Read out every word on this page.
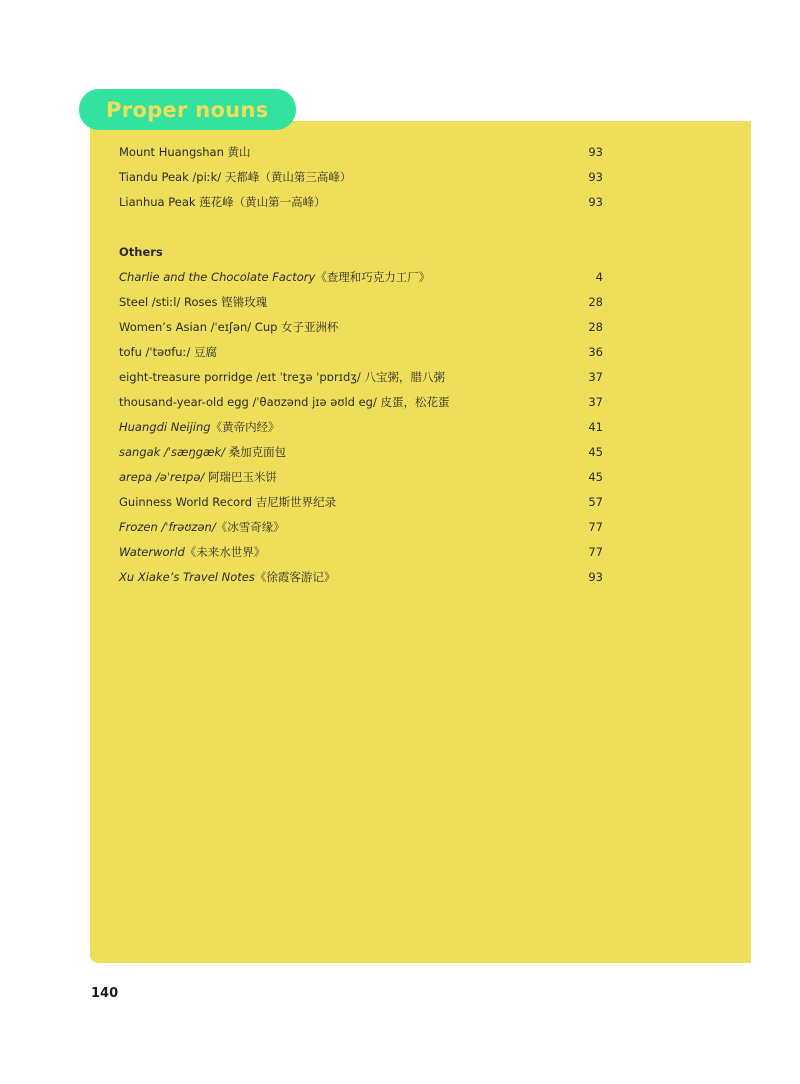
Proper nouns
Mount Huangshan 黄山	93
Tiandu Peak /piːk/ 天都峰（黄山第三高峰）	93
Lianhua Peak 莲花峰（黄山第一高峰）	93
Others
Charlie and the Chocolate Factory《查理和巧克力工厂》	4
Steel /stiːl/ Roses 铿锵玫瑰	28
Women’s Asian /ˈeɪʃən/ Cup 女子亚洲杯	28
tofu /ˈtəʊfuː/ 豆腐	36
eight-treasure porridge /eɪt ˈtreʒə ˈpɒrɪdʒ/ 八宝粥，腊八粥	37
thousand-year-old egg /ˈθaʊzənd jɪə əʊld eg/ 皮蛋，松花蛋	37
Huangdi Neijing《黄帝内经》	41
sangak /ˈsæŋgæk/ 桑加克面包	45
arepa /əˈreɪpə/ 阿瑞巴玉米饼	45
Guinness World Record 吉尼斯世界纪录	57
Frozen /ˈfrəʊzən/《冰雪奇缘》	77
Waterworld《未来水世界》	77
Xu Xiake’s Travel Notes《徐霞客游记》	93
140
